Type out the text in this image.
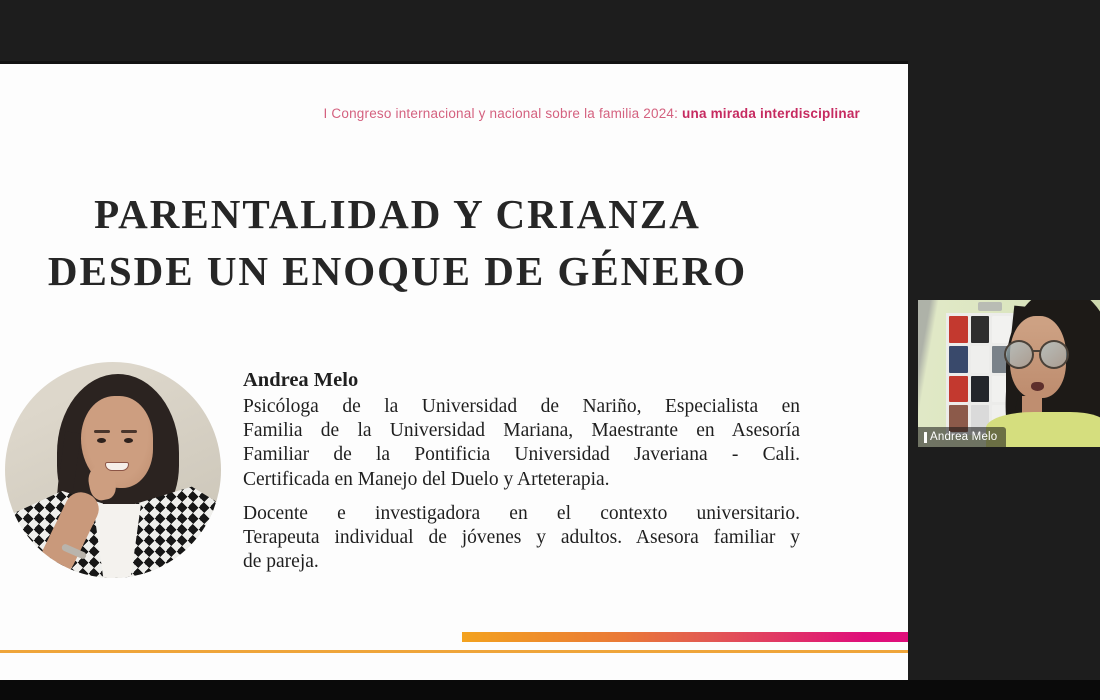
I Congreso internacional y nacional sobre la familia 2024: una mirada interdisciplinar
PARENTALIDAD Y CRIANZA
DESDE UN ENOQUE DE GÉNERO
Andrea Melo
Psicóloga de la Universidad de Nariño, Especialista en
Familia de la Universidad Mariana, Maestrante en Asesoría
Familiar de la Pontificia Universidad Javeriana - Cali.
Certificada en Manejo del Duelo y Arteterapia.
Docente e investigadora en el contexto universitario.
Terapeuta individual de jóvenes y adultos. Asesora familiar y
de pareja.
Andrea Melo
